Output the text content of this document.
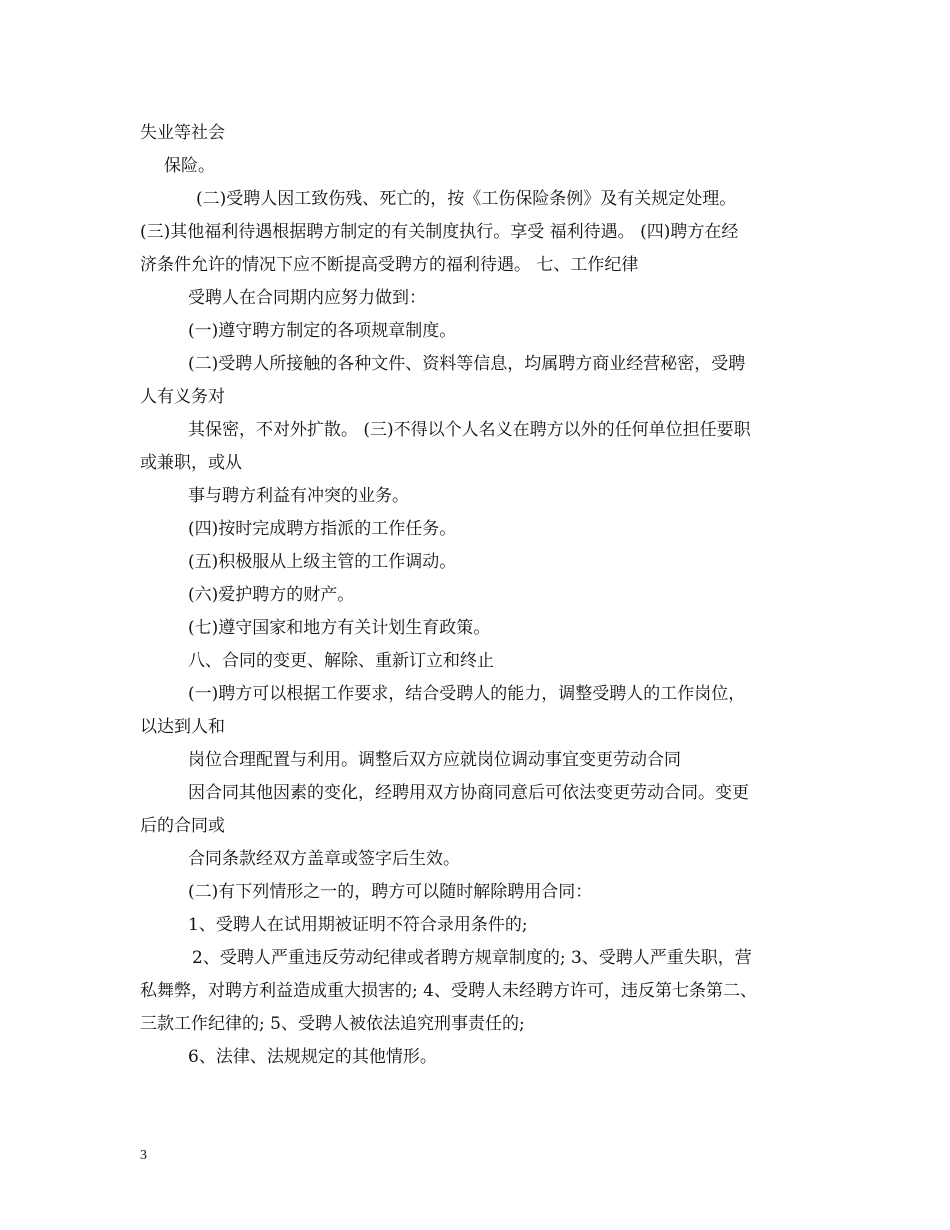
失业等社会
保险。
(二)受聘人因工致伤残、死亡的，按《工伤保险条例》及有关规定处理。
(三)其他福利待遇根据聘方制定的有关制度执行。享受 福利待遇。 (四)聘方在经
济条件允许的情况下应不断提高受聘方的福利待遇。 七、工作纪律
受聘人在合同期内应努力做到：
(一)遵守聘方制定的各项规章制度。
(二)受聘人所接触的各种文件、资料等信息，均属聘方商业经营秘密，受聘
人有义务对
其保密，不对外扩散。 (三)不得以个人名义在聘方以外的任何单位担任要职
或兼职，或从
事与聘方利益有冲突的业务。
(四)按时完成聘方指派的工作任务。
(五)积极服从上级主管的工作调动。
(六)爱护聘方的财产。
(七)遵守国家和地方有关计划生育政策。
八、合同的变更、解除、重新订立和终止
(一)聘方可以根据工作要求，结合受聘人的能力，调整受聘人的工作岗位，
以达到人和
岗位合理配置与利用。调整后双方应就岗位调动事宜变更劳动合同
因合同其他因素的变化，经聘用双方协商同意后可依法变更劳动合同。变更
后的合同或
合同条款经双方盖章或签字后生效。
(二)有下列情形之一的，聘方可以随时解除聘用合同：
1、受聘人在试用期被证明不符合录用条件的;
2、受聘人严重违反劳动纪律或者聘方规章制度的; 3、受聘人严重失职，营
私舞弊，对聘方利益造成重大损害的; 4、受聘人未经聘方许可，违反第七条第二、
三款工作纪律的; 5、受聘人被依法追究刑事责任的;
6、法律、法规规定的其他情形。
3
